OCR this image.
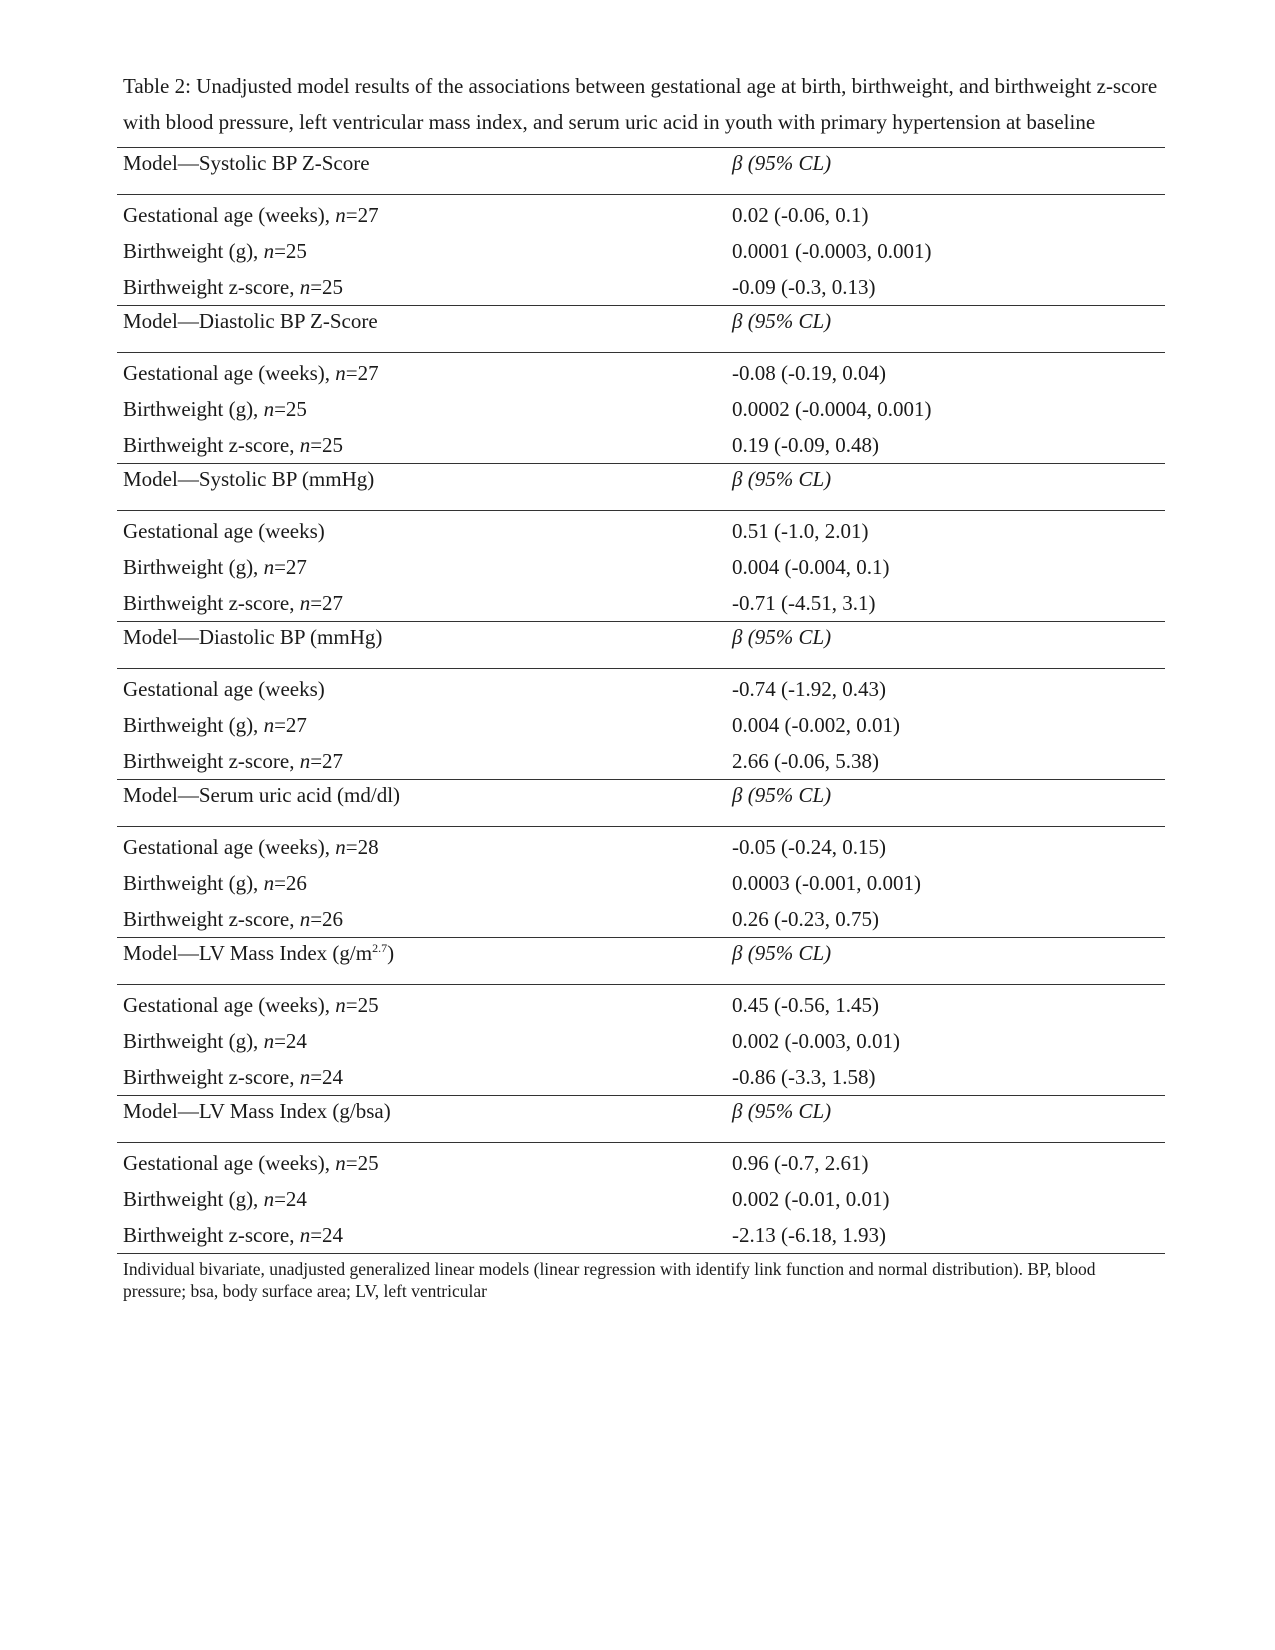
Table 2: Unadjusted model results of the associations between gestational age at birth, birthweight, and birthweight z-score
with blood pressure, left ventricular mass index, and serum uric acid in youth with primary hypertension at baseline
Model—Systolic BP Z-Score	β (95% CL)
Gestational age (weeks), n=27	0.02 (-0.06, 0.1)
Birthweight (g), n=25	0.0001 (-0.0003, 0.001)
Birthweight z-score, n=25	-0.09 (-0.3, 0.13)
Model—Diastolic BP Z-Score	β (95% CL)
Gestational age (weeks), n=27	-0.08 (-0.19, 0.04)
Birthweight (g), n=25	0.0002 (-0.0004, 0.001)
Birthweight z-score, n=25	0.19 (-0.09, 0.48)
Model—Systolic BP (mmHg)	β (95% CL)
Gestational age (weeks)	0.51 (-1.0, 2.01)
Birthweight (g), n=27	0.004 (-0.004, 0.1)
Birthweight z-score, n=27	-0.71 (-4.51, 3.1)
Model—Diastolic BP (mmHg)	β (95% CL)
Gestational age (weeks)	-0.74 (-1.92, 0.43)
Birthweight (g), n=27	0.004 (-0.002, 0.01)
Birthweight z-score, n=27	2.66 (-0.06, 5.38)
Model—Serum uric acid (md/dl)	β (95% CL)
Gestational age (weeks), n=28	-0.05 (-0.24, 0.15)
Birthweight (g), n=26	0.0003 (-0.001, 0.001)
Birthweight z-score, n=26	0.26 (-0.23, 0.75)
Model—LV Mass Index $(g/m^{2.7})$	β (95% CL)
Gestational age (weeks), n=25	0.45 (-0.56, 1.45)
Birthweight (g), n=24	0.002 (-0.003, 0.01)
Birthweight z-score, n=24	-0.86 (-3.3, 1.58)
Model—LV Mass Index (g/bsa)	β (95% CL)
Gestational age (weeks), n=25	0.96 (-0.7, 2.61)
Birthweight (g), n=24	0.002 (-0.01, 0.01)
Birthweight z-score, n=24	-2.13 (-6.18, 1.93)
Individual bivariate, unadjusted generalized linear models (linear regression with identify link function and normal distribution). BP, blood pressure; bsa, body surface area; LV, left ventricular
